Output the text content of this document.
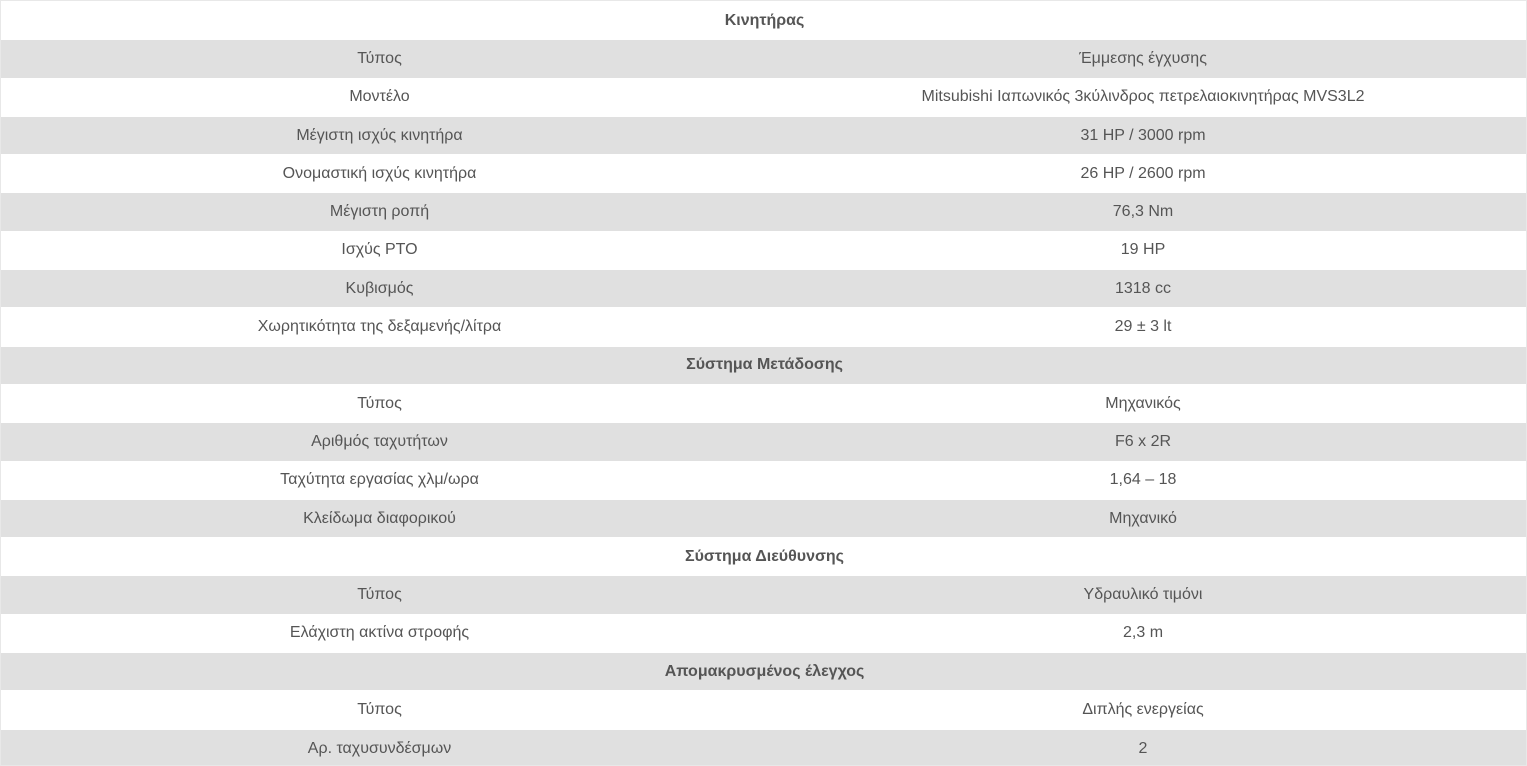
Κινητήρας	
Τύπος	Έμμεσης έγχυσης
Μοντέλο	Mitsubishi Ιαπωνικός 3κύλινδρος πετρελαιοκινητήρας MVS3L2
Μέγιστη ισχύς κινητήρα	31 HP / 3000 rpm
Ονομαστική ισχύς κινητήρα	26 HP / 2600 rpm
Μέγιστη ροπή	76,3 Nm
Ισχύς PTO	19 HP
Κυβισμός	1318 cc
Χωρητικότητα της δεξαμενής/λίτρα	29 ± 3 lt
Σύστημα Μετάδοσης	
Τύπος	Μηχανικός
Αριθμός ταχυτήτων	F6 x 2R
Ταχύτητα εργασίας χλμ/ωρα	1,64 – 18
Κλείδωμα διαφορικού	Μηχανικό
Σύστημα Διεύθυνσης	
Τύπος	Υδραυλικό τιμόνι
Ελάχιστη ακτίνα στροφής	2,3 m
Απομακρυσμένος έλεγχος	
Τύπος	Διπλής ενεργείας
Αρ. ταχυσυνδέσμων	2
